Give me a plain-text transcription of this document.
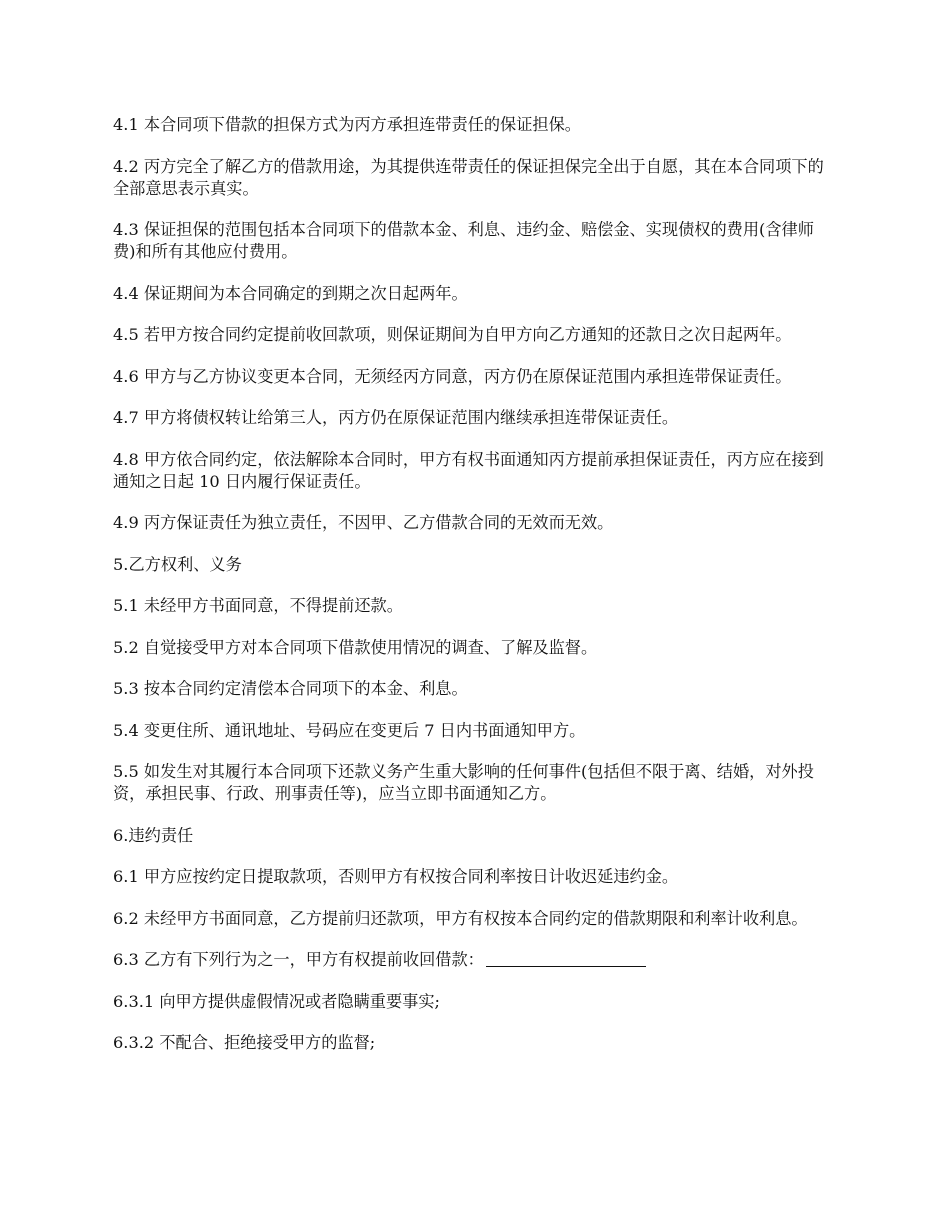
4.1 本合同项下借款的担保方式为丙方承担连带责任的保证担保。

4.2 丙方完全了解乙方的借款用途，为其提供连带责任的保证担保完全出于自愿，其在本合同项下的全部意思表示真实。

4.3 保证担保的范围包括本合同项下的借款本金、利息、违约金、赔偿金、实现债权的费用(含律师费)和所有其他应付费用。

4.4 保证期间为本合同确定的到期之次日起两年。

4.5 若甲方按合同约定提前收回款项，则保证期间为自甲方向乙方通知的还款日之次日起两年。

4.6 甲方与乙方协议变更本合同，无须经丙方同意，丙方仍在原保证范围内承担连带保证责任。

4.7 甲方将债权转让给第三人，丙方仍在原保证范围内继续承担连带保证责任。

4.8 甲方依合同约定，依法解除本合同时，甲方有权书面通知丙方提前承担保证责任，丙方应在接到通知之日起 10 日内履行保证责任。

4.9 丙方保证责任为独立责任，不因甲、乙方借款合同的无效而无效。

5.乙方权利、义务

5.1 未经甲方书面同意，不得提前还款。

5.2 自觉接受甲方对本合同项下借款使用情况的调查、了解及监督。

5.3 按本合同约定清偿本合同项下的本金、利息。

5.4 变更住所、通讯地址、号码应在变更后 7 日内书面通知甲方。

5.5 如发生对其履行本合同项下还款义务产生重大影响的任何事件(包括但不限于离、结婚，对外投资，承担民事、行政、刑事责任等)，应当立即书面通知乙方。

6.违约责任

6.1 甲方应按约定日提取款项，否则甲方有权按合同利率按日计收迟延违约金。

6.2 未经甲方书面同意，乙方提前归还款项，甲方有权按本合同约定的借款期限和利率计收利息。

6.3 乙方有下列行为之一，甲方有权提前收回借款：

6.3.1 向甲方提供虚假情况或者隐瞒重要事实;

6.3.2 不配合、拒绝接受甲方的监督;
